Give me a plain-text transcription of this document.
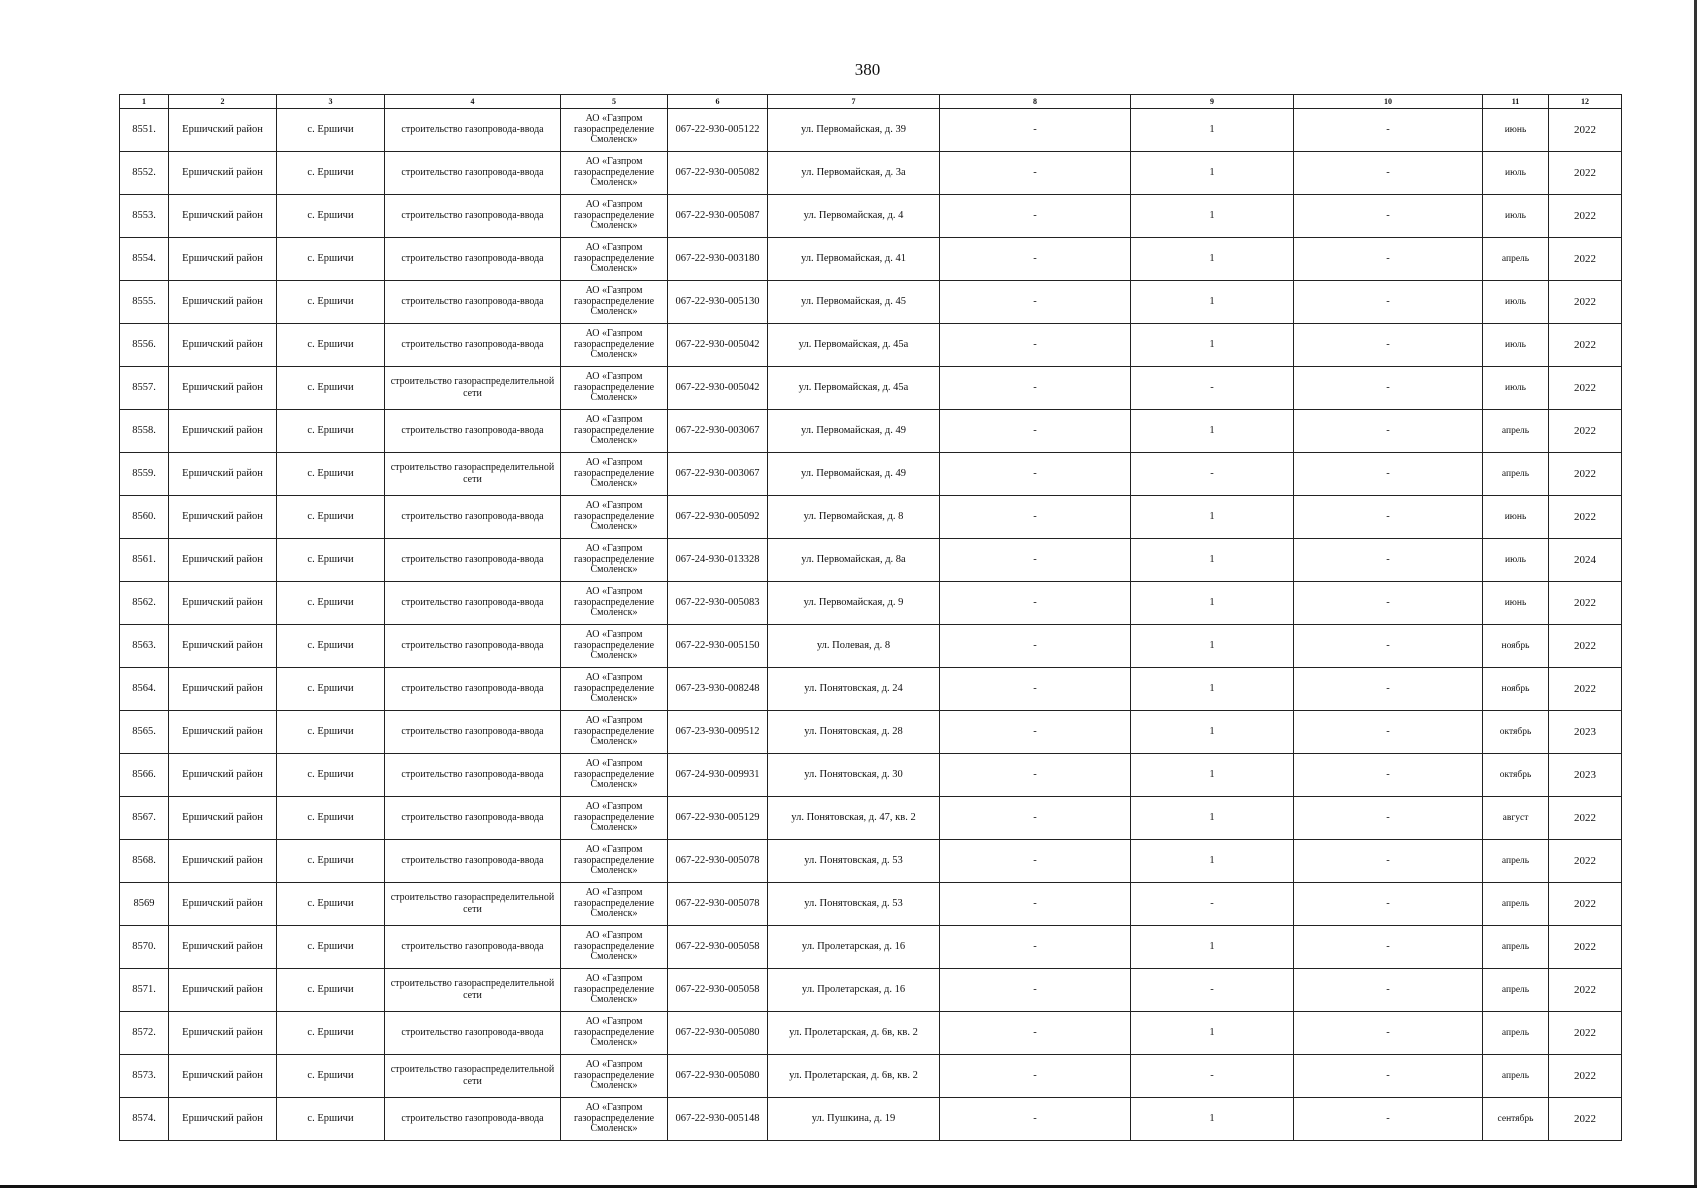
380
1	2	3	4	5	6	7	8	9	10	11	12
8551.	Ершичский район	с. Ершичи	строительство газопровода-ввода	АО «Газпром газораспределение Смоленск»	067-22-930-005122	ул. Первомайская, д. 39	-	1	-	июнь	2022
8552.	Ершичский район	с. Ершичи	строительство газопровода-ввода	АО «Газпром газораспределение Смоленск»	067-22-930-005082	ул. Первомайская, д. 3а	-	1	-	июль	2022
8553.	Ершичский район	с. Ершичи	строительство газопровода-ввода	АО «Газпром газораспределение Смоленск»	067-22-930-005087	ул. Первомайская, д. 4	-	1	-	июль	2022
8554.	Ершичский район	с. Ершичи	строительство газопровода-ввода	АО «Газпром газораспределение Смоленск»	067-22-930-003180	ул. Первомайская, д. 41	-	1	-	апрель	2022
8555.	Ершичский район	с. Ершичи	строительство газопровода-ввода	АО «Газпром газораспределение Смоленск»	067-22-930-005130	ул. Первомайская, д. 45	-	1	-	июль	2022
8556.	Ершичский район	с. Ершичи	строительство газопровода-ввода	АО «Газпром газораспределение Смоленск»	067-22-930-005042	ул. Первомайская, д. 45а	-	1	-	июль	2022
8557.	Ершичский район	с. Ершичи	строительство газораспределительной сети	АО «Газпром газораспределение Смоленск»	067-22-930-005042	ул. Первомайская, д. 45а	-	-	-	июль	2022
8558.	Ершичский район	с. Ершичи	строительство газопровода-ввода	АО «Газпром газораспределение Смоленск»	067-22-930-003067	ул. Первомайская, д. 49	-	1	-	апрель	2022
8559.	Ершичский район	с. Ершичи	строительство газораспределительной сети	АО «Газпром газораспределение Смоленск»	067-22-930-003067	ул. Первомайская, д. 49	-	-	-	апрель	2022
8560.	Ершичский район	с. Ершичи	строительство газопровода-ввода	АО «Газпром газораспределение Смоленск»	067-22-930-005092	ул. Первомайская, д. 8	-	1	-	июнь	2022
8561.	Ершичский район	с. Ершичи	строительство газопровода-ввода	АО «Газпром газораспределение Смоленск»	067-24-930-013328	ул. Первомайская, д. 8а	-	1	-	июль	2024
8562.	Ершичский район	с. Ершичи	строительство газопровода-ввода	АО «Газпром газораспределение Смоленск»	067-22-930-005083	ул. Первомайская, д. 9	-	1	-	июнь	2022
8563.	Ершичский район	с. Ершичи	строительство газопровода-ввода	АО «Газпром газораспределение Смоленск»	067-22-930-005150	ул. Полевая, д. 8	-	1	-	ноябрь	2022
8564.	Ершичский район	с. Ершичи	строительство газопровода-ввода	АО «Газпром газораспределение Смоленск»	067-23-930-008248	ул. Понятовская, д. 24	-	1	-	ноябрь	2022
8565.	Ершичский район	с. Ершичи	строительство газопровода-ввода	АО «Газпром газораспределение Смоленск»	067-23-930-009512	ул. Понятовская, д. 28	-	1	-	октябрь	2023
8566.	Ершичский район	с. Ершичи	строительство газопровода-ввода	АО «Газпром газораспределение Смоленск»	067-24-930-009931	ул. Понятовская, д. 30	-	1	-	октябрь	2023
8567.	Ершичский район	с. Ершичи	строительство газопровода-ввода	АО «Газпром газораспределение Смоленск»	067-22-930-005129	ул. Понятовская, д. 47, кв. 2	-	1	-	август	2022
8568.	Ершичский район	с. Ершичи	строительство газопровода-ввода	АО «Газпром газораспределение Смоленск»	067-22-930-005078	ул. Понятовская, д. 53	-	1	-	апрель	2022
8569	Ершичский район	с. Ершичи	строительство газораспределительной сети	АО «Газпром газораспределение Смоленск»	067-22-930-005078	ул. Понятовская, д. 53	-	-	-	апрель	2022
8570.	Ершичский район	с. Ершичи	строительство газопровода-ввода	АО «Газпром газораспределение Смоленск»	067-22-930-005058	ул. Пролетарская, д. 16	-	1	-	апрель	2022
8571.	Ершичский район	с. Ершичи	строительство газораспределительной сети	АО «Газпром газораспределение Смоленск»	067-22-930-005058	ул. Пролетарская, д. 16	-	-	-	апрель	2022
8572.	Ершичский район	с. Ершичи	строительство газопровода-ввода	АО «Газпром газораспределение Смоленск»	067-22-930-005080	ул. Пролетарская, д. 6в, кв. 2	-	1	-	апрель	2022
8573.	Ершичский район	с. Ершичи	строительство газораспределительной сети	АО «Газпром газораспределение Смоленск»	067-22-930-005080	ул. Пролетарская, д. 6в, кв. 2	-	-	-	апрель	2022
8574.	Ершичский район	с. Ершичи	строительство газопровода-ввода	АО «Газпром газораспределение Смоленск»	067-22-930-005148	ул. Пушкина, д. 19	-	1	-	сентябрь	2022
